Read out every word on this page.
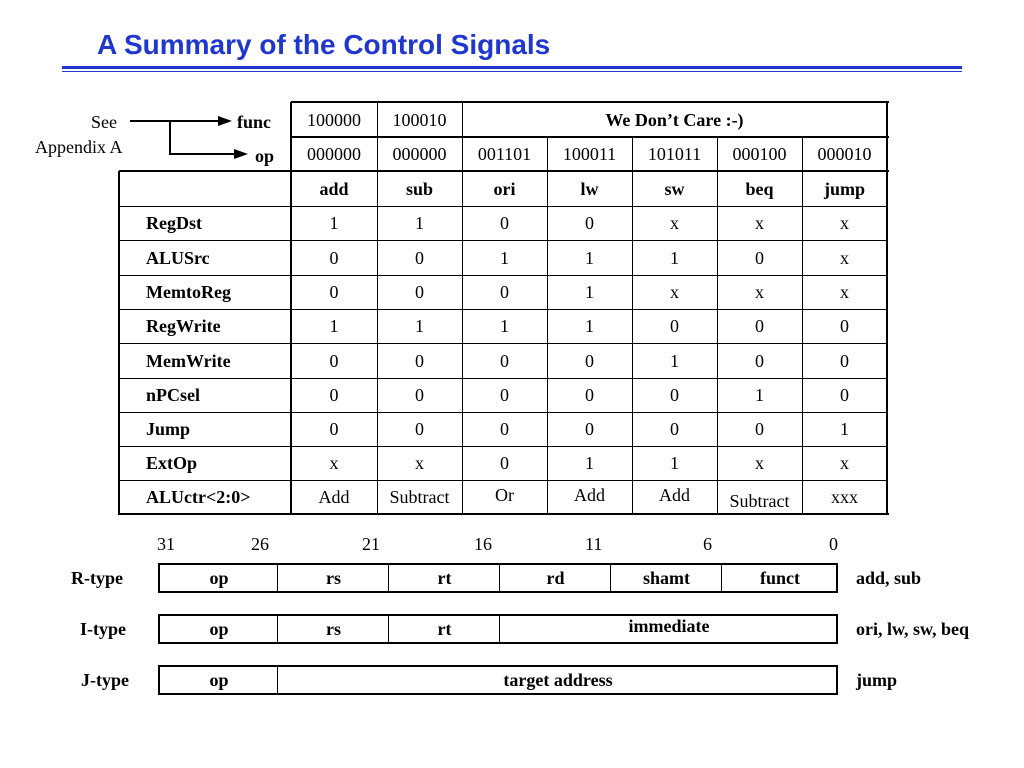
A Summary of the Control Signals
See
Appendix A
func
op
100000	100010	We Don’t Care :-)
000000	000000	001101	100011	101011	000100	000010
add	sub	ori	lw	sw	beq	jump
RegDst	1	1	0	0	x	x	x
ALUSrc	0	0	1	1	1	0	x
MemtoReg	0	0	0	1	x	x	x
RegWrite	1	1	1	1	0	0	0
MemWrite	0	0	0	0	1	0	0
nPCsel	0	0	0	0	0	1	0
Jump	0	0	0	0	0	0	1
ExtOp	x	x	0	1	1	x	x
ALUctr<2:0>	Add	Subtract	Or	Add	Add	Subtract	xxx
31	26	21	16	11	6	0
R-type	op	rs	rt	rd	shamt	funct	add, sub
I-type	op	rs	rt	immediate	ori, lw, sw, beq
J-type	op	target address	jump
